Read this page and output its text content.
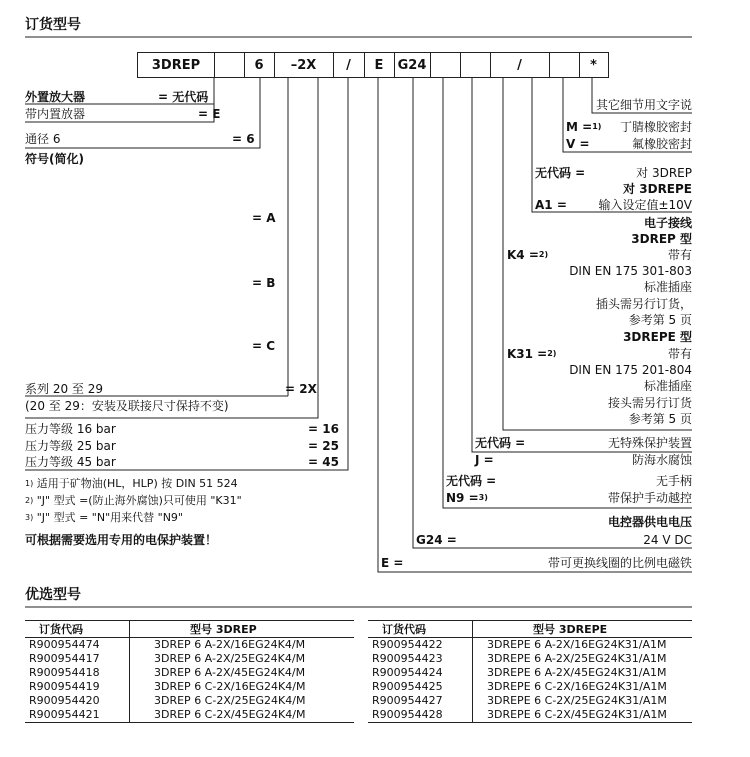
订货型号
3DREP	6	–2X	/	E	G24	/	*
外置放大器	= 无代码
带内置放器	= E
通径 6	= 6
符号(简化)
= A
= B
= C
系列 20 至 29	= 2X
(20 至 29：安装及联接尺寸保持不变)
压力等级 16 bar	= 16
压力等级 25 bar	= 25
压力等级 45 bar	= 45
$^{1)}$ 适用于矿物油(HL，HLP) 按 DIN 51 524
$^{2)}$ "J" 型式 =(防止海外腐蚀)只可使用 "K31"
$^{3)}$ "J" 型式 = "N"用来代替 "N9"
可根据需要选用专用的电保护装置！
其它细节用文字说
M =$^{1)}$ 丁腈橡胶密封
V =	氟橡胶密封
无代码 =	对 3DREP
对 3DREPE
A1 =	输入设定值±10V
电子接线
3DREP 型
K4 =$^{2)}$	带有
DIN EN 175 301-803
标准插座
插头需另行订货，
参考第 5 页
3DREPE 型
K31 =$^{2)}$	带有
DIN EN 175 201-804
标准插座
接头需另行订货
参考第 5 页
无代码 =	无特殊保护装置
J =	防海水腐蚀
无代码 =	无手柄
N9 =$^{3)}$	带保护手动越控
电控器供电电压
G24 =	24 V DC
E =	带可更换线圈的比例电磁铁
优选型号
订货代码	型号 3DREP
R900954474	3DREP 6 A-2X/16EG24K4/M
R900954417	3DREP 6 A-2X/25EG24K4/M
R900954418	3DREP 6 A-2X/45EG24K4/M
R900954419	3DREP 6 C-2X/16EG24K4/M
R900954420	3DREP 6 C-2X/25EG24K4/M
R900954421	3DREP 6 C-2X/45EG24K4/M
订货代码	型号 3DREPE
R900954422	3DREPE 6 A-2X/16EG24K31/A1M
R900954423	3DREPE 6 A-2X/25EG24K31/A1M
R900954424	3DREPE 6 A-2X/45EG24K31/A1M
R900954425	3DREPE 6 C-2X/16EG24K31/A1M
R900954427	3DREPE 6 C-2X/25EG24K31/A1M
R900954428	3DREPE 6 C-2X/45EG24K31/A1M
